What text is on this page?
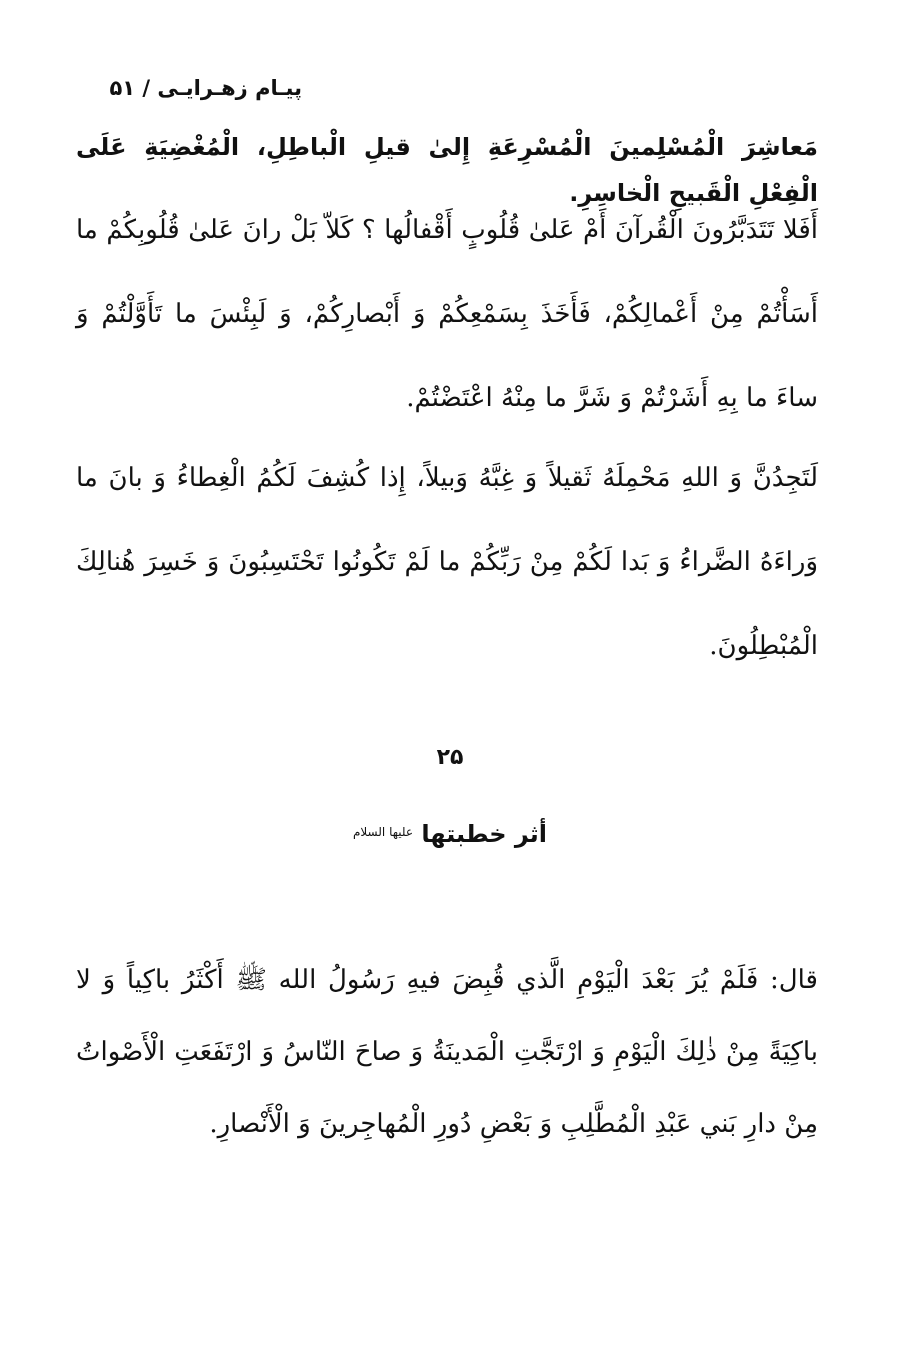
پیـام زهـرایـی / ۵۱

مَعاشِرَ الْمُسْلِمينَ الْمُسْرِعَةِ إِلىٰ قيلِ الْباطِلِ، الْمُغْضِيَةِ عَلَى الْفِعْلِ الْقَبيحِ الْخاسِرِ.

أَفَلا تَتَدَبَّرُونَ الْقُرآنَ أَمْ عَلىٰ قُلُوبٍ أَقْفالُها ؟ كَلاّ بَلْ رانَ عَلىٰ قُلُوبِكُمْ ما أَسَأْتُمْ مِنْ أَعْمالِكُمْ، فَأَخَذَ بِسَمْعِكُمْ وَ أَبْصارِكُمْ، وَ لَبِئْسَ ما تَأَوَّلْتُمْ وَ ساءَ ما بِهِ أَشَرْتُمْ وَ شَرَّ ما مِنْهُ اعْتَضْتُمْ.

لَتَجِدُنَّ وَ اللهِ مَحْمِلَهُ ثَقيلاً وَ غِبَّهُ وَبيلاً، إِذا كُشِفَ لَكُمُ الْغِطاءُ وَ بانَ ما وَراءَهُ الضَّراءُ وَ بَدا لَكُمْ مِنْ رَبِّكُمْ ما لَمْ تَكُونُوا تَحْتَسِبُونَ وَ خَسِرَ هُنالِكَ الْمُبْطِلُونَ.

۲۵
أثر خطبتها $^{عليها السلام}$

قال: فَلَمْ يُرَ بَعْدَ الْيَوْمِ الَّذي قُبِضَ فيهِ رَسُولُ الله ﷺ أَكْثَرُ باكِياً وَ لا باكِيَةً مِنْ ذٰلِكَ الْيَوْمِ وَ ارْتَجَّتِ الْمَدينَةُ وَ صاحَ النّاسُ وَ ارْتَفَعَتِ الْأَصْواتُ مِنْ دارِ بَني عَبْدِ الْمُطَّلِبِ وَ بَعْضِ دُورِ الْمُهاجِرينَ وَ الْأَنْصارِ.
